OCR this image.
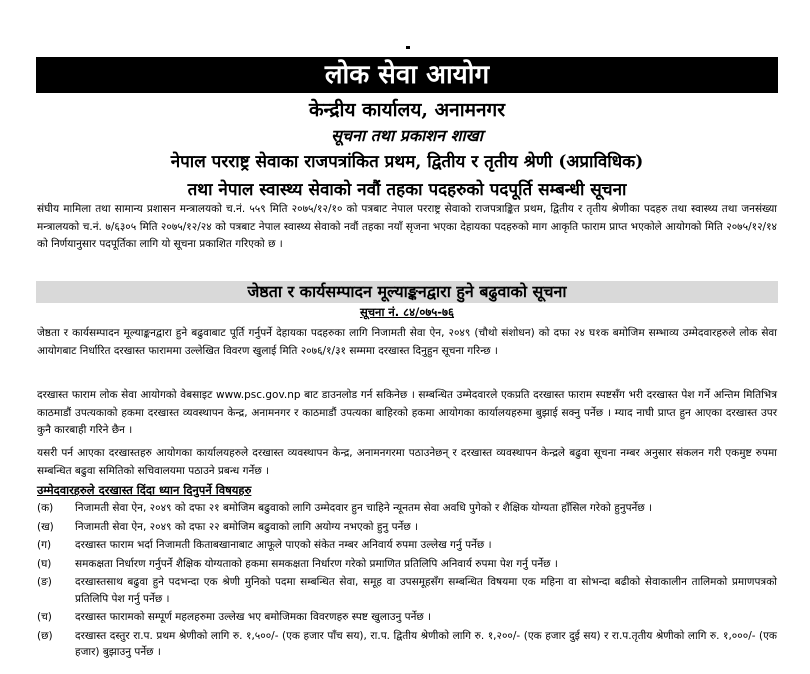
लोक सेवा आयोग
केन्द्रीय कार्यालय, अनामनगर
सूचना तथा प्रकाशन शाखा
नेपाल परराष्ट्र सेवाका राजपत्रांकित प्रथम, द्वितीय र तृतीय श्रेणी (अप्राविधिक)
तथा नेपाल स्वास्थ्य सेवाको नवौं तहका पदहरुको पदपूर्ति सम्बन्धी सूचना
संघीय मामिला तथा सामान्य प्रशासन मन्त्रालयको च.नं. ५५९ मिति २०७५/१२/१० को पत्रबाट नेपाल परराष्ट्र सेवाको राजपत्राङ्कित प्रथम, द्वितीय र तृतीय श्रेणीका पदहरु तथा स्वास्थ्य तथा जनसंख्या मन्त्रालयको च.नं. ७/६३०५ मिति २०७५/१२/२४ को पत्रबाट नेपाल स्वास्थ्य सेवाको नवौं तहका नयाँ सृजना भएका देहायका पदहरुको माग आकृति फाराम प्राप्त भएकोले आयोगको मिति २०७५/१२/१४ को निर्णयानुसार पदपूर्तिका लागि यो सूचना प्रकाशित गरिएको छ ।
जेष्ठता र कार्यसम्पादन मूल्याङ्कनद्वारा हुने बढुवाको सूचना
सूचना नं. ८४/०७५-७६
जेष्ठता र कार्यसम्पादन मूल्याङ्कनद्वारा हुने बढुवाबाट पूर्ति गर्नुपर्ने देहायका पदहरुका लागि निजामती सेवा ऐन, २०४९ (चौथो संशोधन) को दफा २४ घ१क बमोजिम सम्भाव्य उम्मेदवारहरुले लोक सेवा आयोगबाट निर्धारित दरखास्त फाराममा उल्लेखित विवरण खुलाई मिति २०७६/१/३१ सम्ममा दरखास्त दिनुहुन सूचना गरिन्छ ।
दरखास्त फाराम लोक सेवा आयोगको वेबसाइट www.psc.gov.np बाट डाउनलोड गर्न सकिनेछ । सम्बन्धित उम्मेदवारले एकप्रति दरखास्त फाराम स्पष्टसँग भरी दरखास्त पेश गर्ने अन्तिम मितिभित्र काठमाडौं उपत्यकाको हकमा दरखास्त व्यवस्थापन केन्द्र, अनामनगर र काठमाडौं उपत्यका बाहिरको हकमा आयोगका कार्यालयहरुमा बुझाई सक्नु पर्नेछ । म्याद नाघी प्राप्त हुन आएका दरखास्त उपर कुनै कारबाही गरिने छैन ।
यसरी पर्न आएका दरखास्तहरु आयोगका कार्यालयहरुले दरखास्त व्यवस्थापन केन्द्र, अनामनगरमा पठाउनेछन् र दरखास्त व्यवस्थापन केन्द्रले बढुवा सूचना नम्बर अनुसार संकलन गरी एकमुष्ट रुपमा सम्बन्धित बढुवा समितिको सचिवालयमा पठाउने प्रबन्ध गर्नेछ ।
उम्मेदवारहरुले दरखास्त दिंदा ध्यान दिनुपर्ने विषयहरु
(क)	निजामती सेवा ऐन, २०४९ को दफा २१ बमोजिम बढुवाको लागि उम्मेदवार हुन चाहिने न्यूनतम सेवा अवधि पुगेको र शैक्षिक योग्यता हाँसिल गरेको हुनुपर्नेछ ।
(ख)	निजामती सेवा ऐन, २०४९ को दफा २२ बमोजिम बढुवाको लागि अयोग्य नभएको हुनु पर्नेछ ।
(ग)	दरखास्त फाराम भर्दा निजामती किताबखानाबाट आफूले पाएको संकेत नम्बर अनिवार्य रुपमा उल्लेख गर्नु पर्नेछ ।
(घ)	समकक्षता निर्धारण गर्नुपर्ने शैक्षिक योग्यताको हकमा समकक्षता निर्धारण गरेको प्रमाणित प्रतिलिपि अनिवार्य रुपमा पेश गर्नु पर्नेछ ।
(ङ)	दरखास्तसाथ बढुवा हुने पदभन्दा एक श्रेणी मुनिको पदमा सम्बन्धित सेवा, समूह वा उपसमूहसँग सम्बन्धित विषयमा एक महिना वा सोभन्दा बढीको सेवाकालीन तालिमको प्रमाणपत्रको प्रतिलिपि पेश गर्नु पर्नेछ ।
(च)	दरखास्त फारामको सम्पूर्ण महलहरुमा उल्लेख भए बमोजिमका विवरणहरु स्पष्ट खुलाउनु पर्नेछ ।
(छ)	दरखास्त दस्तुर रा.प. प्रथम श्रेणीको लागि रु. १,५००/- (एक हजार पाँच सय), रा.प. द्वितीय श्रेणीको लागि रु. १,२००/- (एक हजार दुई सय) र रा.प.तृतीय श्रेणीको लागि रु. १,०००/- (एक हजार) बुझाउनु पर्नेछ ।
